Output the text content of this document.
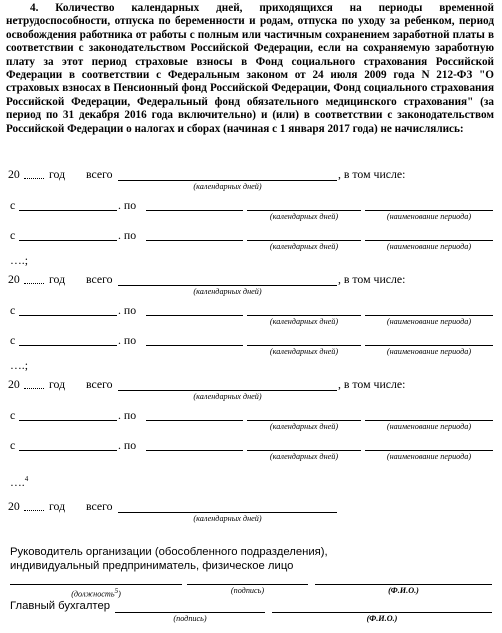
4. Количество календарных дней, приходящихся на периоды временной нетрудоспособности, отпуска по беременности и родам, отпуска по уходу за ребенком, период освобождения работника от работы с полным или частичным сохранением заработной платы в соответствии с законодательством Российской Федерации, если на сохраняемую заработную плату за этот период страховые взносы в Фонд социального страхования Российской Федерации в соответствии с Федеральным законом от 24 июля 2009 года N 212-ФЗ "О страховых взносах в Пенсионный фонд Российской Федерации, Фонд социального страхования Российской Федерации, Федеральный фонд обязательного медицинского страхования" (за период по 31 декабря 2016 года включительно) и (или) в соответствии с законодательством Российской Федерации о налогах и сборах (начиная с 1 января 2017 года) не начислялись:
20 год всего	, в том числе:
(календарных дней)
с	. по
(календарных дней)	(наименование периода)
с	. по
(календарных дней)	(наименование периода)
….;
20 год всего	, в том числе:
(календарных дней)
с	. по
(календарных дней)	(наименование периода)
с	. по
(календарных дней)	(наименование периода)
….;
20 год всего	, в том числе:
(календарных дней)
с	. по
(календарных дней)	(наименование периода)
с	. по
(календарных дней)	(наименование периода)
….$^4$
20 год всего
(календарных дней)
Руководитель организации (обособленного подразделения),
индивидуальный предприниматель, физическое лицо
(должность5)	(подпись)	(Ф.И.О.)
Главный бухгалтер
(подпись)	(Ф.И.О.)
